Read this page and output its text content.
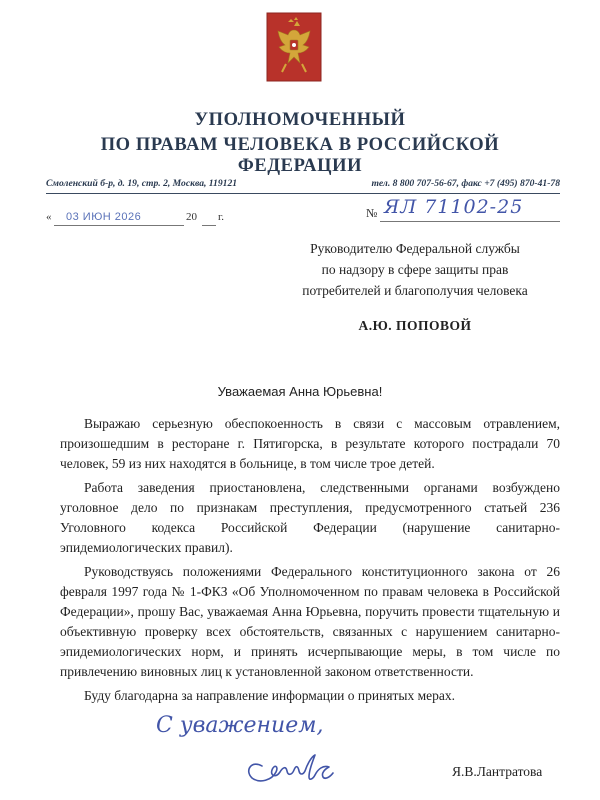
УПОЛНОМОЧЕННЫЙ
ПО ПРАВАМ ЧЕЛОВЕКА В РОССИЙСКОЙ ФЕДЕРАЦИИ
Смоленский б-р, д. 19, стр. 2, Москва, 119121	тел. 8 800 707-56-67, факс +7 (495) 870-41-78
« 03 ИЮН 2026	20 г.	№ ЯЛ 71102-25
Руководителю Федеральной службы
по надзору в сфере защиты прав
потребителей и благополучия человека
А.Ю. ПОПОВОЙ
Уважаемая Анна Юрьевна!

Выражаю серьезную обеспокоенность в связи с массовым отравлением, произошедшим в ресторане г. Пятигорска, в результате которого пострадали 70 человек, 59 из них находятся в больнице, в том числе трое детей.

Работа заведения приостановлена, следственными органами возбуждено уголовное дело по признакам преступления, предусмотренного статьей 236 Уголовного кодекса Российской Федерации (нарушение санитарно-эпидемиологических правил).

Руководствуясь положениями Федерального конституционного закона от 26 февраля 1997 года № 1-ФКЗ «Об Уполномоченном по правам человека в Российской Федерации», прошу Вас, уважаемая Анна Юрьевна, поручить провести тщательную и объективную проверку всех обстоятельств, связанных с нарушением санитарно-эпидемиологических норм, и принять исчерпывающие меры, в том числе по привлечению виновных лиц к установленной законом ответственности.

Буду благодарна за направление информации о принятых мерах.

С уважением,
Я.В.Лантратова
